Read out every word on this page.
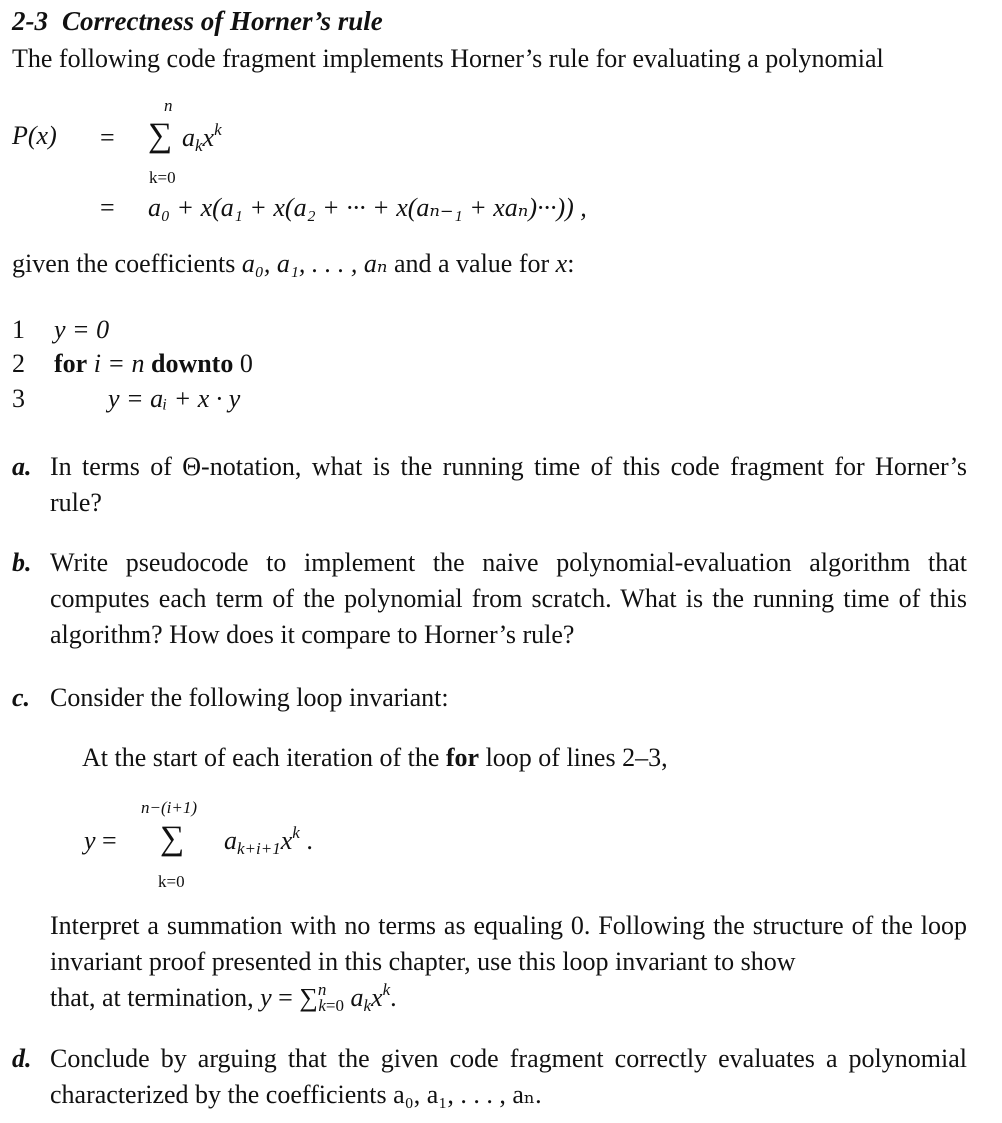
2-3 Correctness of Horner’s rule
The following code fragment implements Horner’s rule for evaluating a polynomial
P(x) =
n
∑ $a_kx^k$
k=0
= a₀ + x(a₁ + x(a₂ + ··· + x(aₙ₋₁ + xaₙ)···)) ,
given the coefficients a₀, a₁, . . . , aₙ and a value for x:
1
2
3
y = 0
for i = n downto 0
y = aᵢ + x · y
a. In terms of Θ-notation, what is the running time of this code fragment for Horner’s rule?
b. Write pseudocode to implement the naive polynomial-evaluation algorithm that computes each term of the polynomial from scratch. What is the running time of this algorithm? How does it compare to Horner’s rule?
c. Consider the following loop invariant:
At the start of each iteration of the for loop of lines 2–3,
y =
n−(i+1)
∑ $a_{k+i+1}x^k$ .
k=0
Interpret a summation with no terms as equaling 0. Following the structure of the loop invariant proof presented in this chapter, use this loop invariant to show
that, at termination, y = ∑$^n_{k=0}$ $a_kx^k$.
d. Conclude by arguing that the given code fragment correctly evaluates a polynomial characterized by the coefficients a₀, a₁, . . . , aₙ.
